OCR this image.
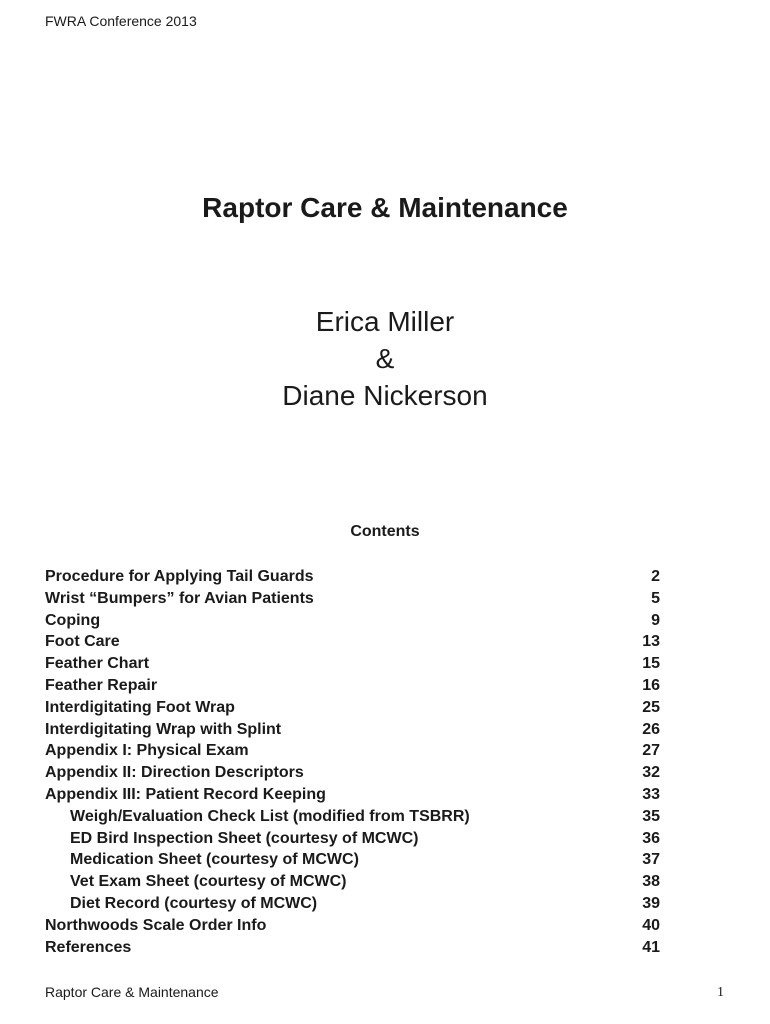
FWRA Conference 2013
Raptor Care & Maintenance
Erica Miller
&
Diane Nickerson
Contents
Procedure for Applying Tail Guards	2
Wrist “Bumpers” for Avian Patients	5
Coping	9
Foot Care	13
Feather Chart	15
Feather Repair	16
Interdigitating Foot Wrap	25
Interdigitating Wrap with Splint	26
Appendix I: Physical Exam	27
Appendix II: Direction Descriptors	32
Appendix III: Patient Record Keeping	33
Weigh/Evaluation Check List (modified from TSBRR)	35
ED Bird Inspection Sheet (courtesy of MCWC)	36
Medication Sheet (courtesy of MCWC)	37
Vet Exam Sheet (courtesy of MCWC)	38
Diet Record (courtesy of MCWC)	39
Northwoods Scale Order Info	40
References	41
Raptor Care & Maintenance	1
